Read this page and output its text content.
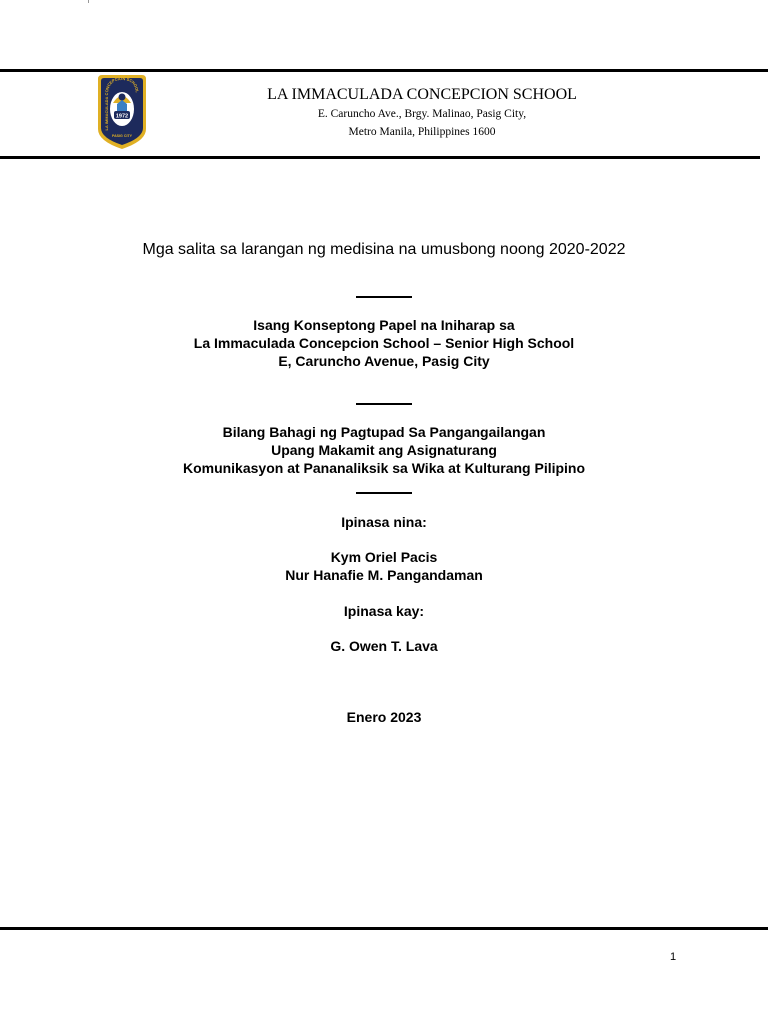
1972
LA IMMACULADA CONCEPCION SCHOOL
PASIG CITY
LA IMMACULADA CONCEPCION SCHOOL
E. Caruncho Ave., Brgy. Malinao, Pasig City,
Metro Manila, Philippines 1600
Mga salita sa larangan ng medisina na umusbong noong 2020-2022
Isang Konseptong Papel na Iniharap sa
La Immaculada Concepcion School – Senior High School
E, Caruncho Avenue, Pasig City
Bilang Bahagi ng Pagtupad Sa Pangangailangan
Upang Makamit ang Asignaturang
Komunikasyon at Pananaliksik sa Wika at Kulturang Pilipino
Ipinasa nina:
Kym Oriel Pacis
Nur Hanafie M. Pangandaman
Ipinasa kay:
G. Owen T. Lava
Enero 2023
1
